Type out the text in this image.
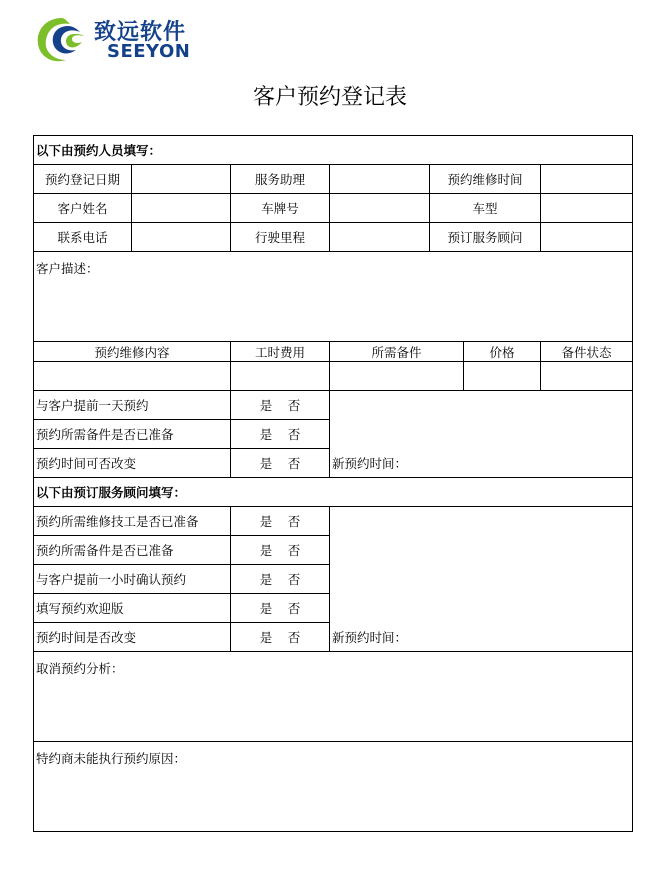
致远软件
SEEYON
客户预约登记表
以下由预约人员填写：						
预约登记日期		服务助理		预约维修时间		
客户姓名		车牌号		车型		
联系电话		行驶里程		预订服务顾问		
客户描述：						
预约维修内容		工时费用	所需备件		价格	备件状态

与客户提前一天预约		是 否				
预约所需备件是否已准备		是 否				
预约时间可否改变		是 否	新预约时间：			
以下由预订服务顾问填写：						
预约所需维修技工是否已准备		是 否				
预约所需备件是否已准备		是 否				
与客户提前一小时确认预约		是 否				
填写预约欢迎版		是 否				
预约时间是否改变		是 否	新预约时间：			
取消预约分析：						
特约商未能执行预约原因：						
